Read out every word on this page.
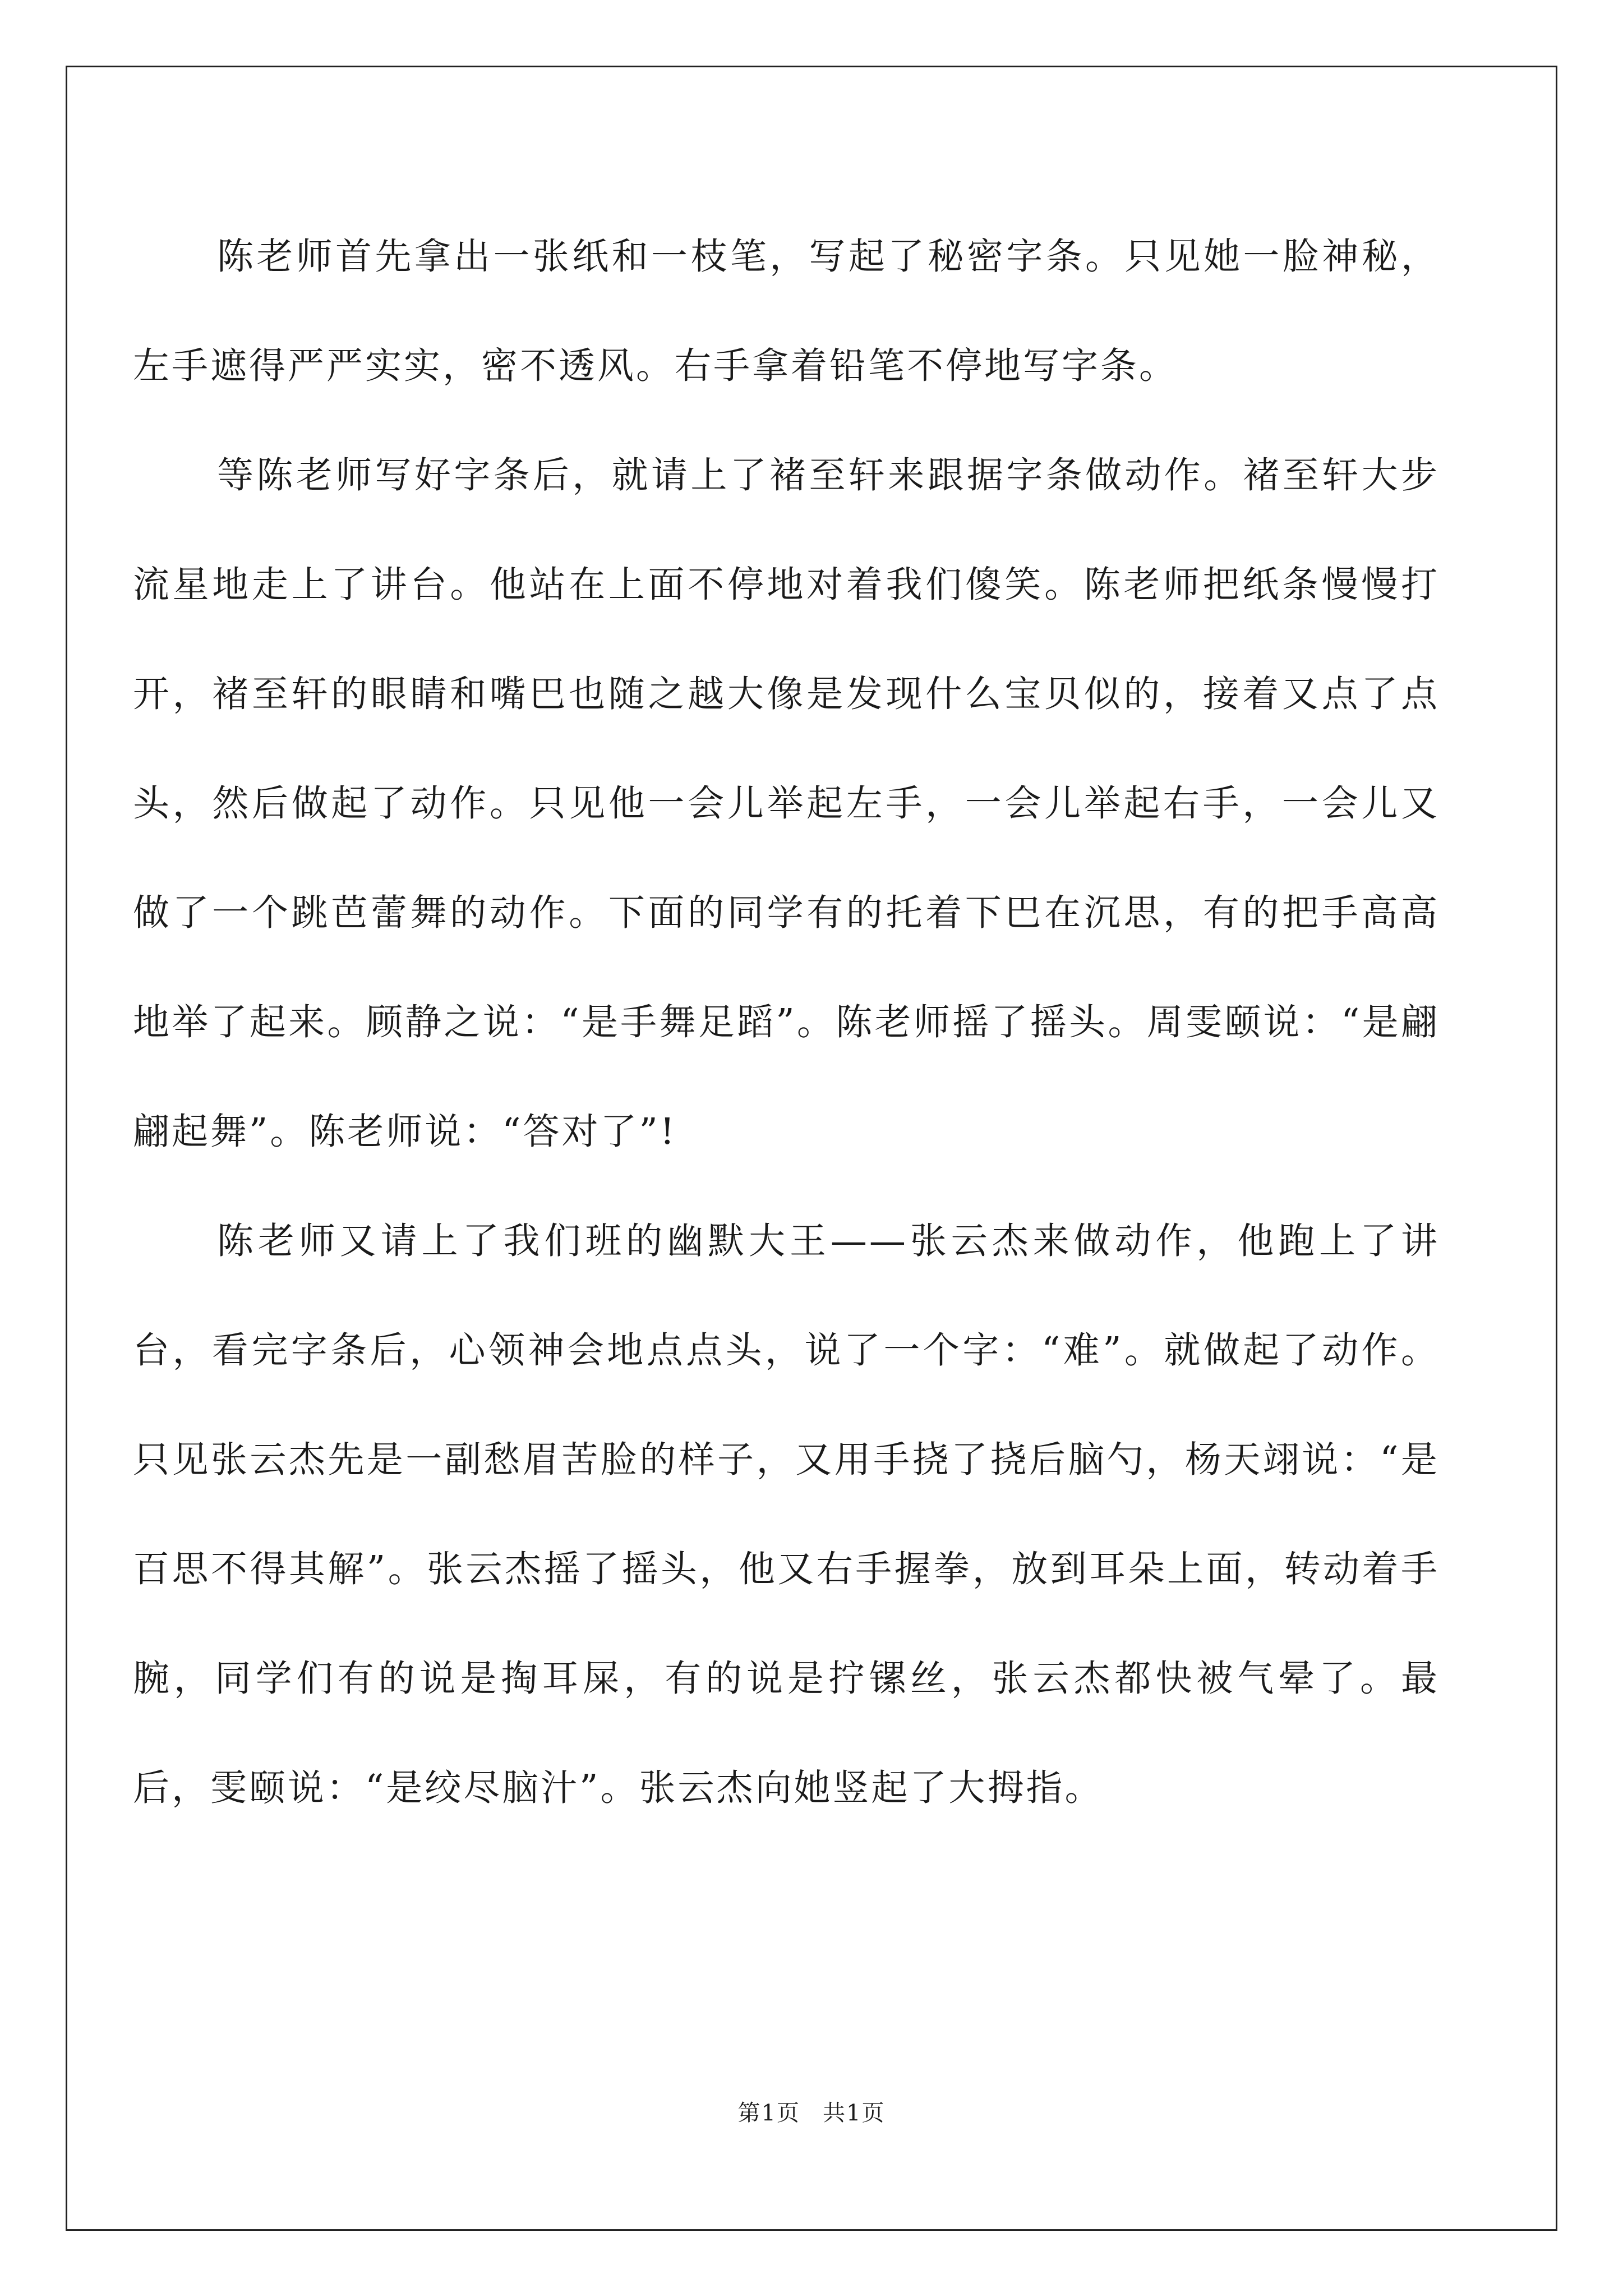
陈老师首先拿出一张纸和一枝笔，写起了秘密字条。只见她一脸神秘，左手遮得严严实实，密不透风。右手拿着铅笔不停地写字条。

等陈老师写好字条后，就请上了褚至轩来跟据字条做动作。褚至轩大步流星地走上了讲台。他站在上面不停地对着我们傻笑。陈老师把纸条慢慢打开，褚至轩的眼睛和嘴巴也随之越大像是发现什么宝贝似的，接着又点了点头，然后做起了动作。只见他一会儿举起左手，一会儿举起右手，一会儿又做了一个跳芭蕾舞的动作。下面的同学有的托着下巴在沉思，有的把手高高地举了起来。顾静之说：“是手舞足蹈”。陈老师摇了摇头。周雯颐说：“是翩翩起舞”。陈老师说：“答对了”!

陈老师又请上了我们班的幽默大王——张云杰来做动作，他跑上了讲台，看完字条后，心领神会地点点头，说了一个字：“难”。就做起了动作。只见张云杰先是一副愁眉苦脸的样子，又用手挠了挠后脑勺，杨天翊说：“是百思不得其解”。张云杰摇了摇头，他又右手握拳，放到耳朵上面，转动着手腕，同学们有的说是掏耳屎，有的说是拧镙丝，张云杰都快被气晕了。最后，雯颐说：“是绞尽脑汁”。张云杰向她竖起了大拇指。

第1页 共1页
